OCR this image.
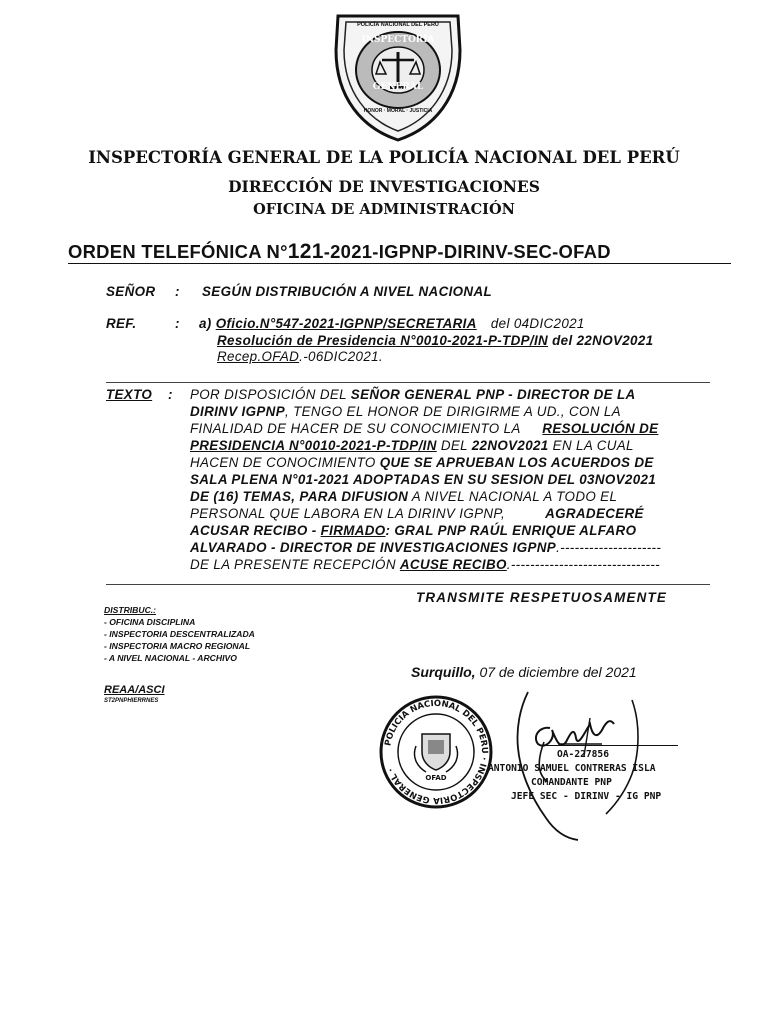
POLICÍA NACIONAL DEL PERÚ
INSPECTORÍA
GENERAL
HONOR · MORAL · JUSTICIA
INSPECTORÍA GENERAL DE LA POLICÍA NACIONAL DEL PERÚ
DIRECCIÓN DE INVESTIGACIONES
OFICINA DE ADMINISTRACIÓN
ORDEN TELEFÓNICA N°121-2021-IGPNP-DIRINV-SEC-OFAD
SEÑOR : SEGÚN DISTRIBUCIÓN A NIVEL NACIONAL
REF.	: a) Oficio.N°547-2021-IGPNP/SECRETARIA del 04DIC2021
Resolución de Presidencia N°0010-2021-P-TDP/IN del 22NOV2021
Recep.OFAD.-06DIC2021.
TEXTO : POR DISPOSICIÓN DEL SEÑOR GENERAL PNP - DIRECTOR DE LA
DIRINV IGPNP, TENGO EL HONOR DE DIRIGIRME A UD., CON LA
FINALIDAD DE HACER DE SU CONOCIMIENTO LA RESOLUCIÓN DE
PRESIDENCIA N°0010-2021-P-TDP/IN DEL 22NOV2021 EN LA CUAL
HACEN DE CONOCIMIENTO QUE SE APRUEBAN LOS ACUERDOS DE
SALA PLENA N°01-2021 ADOPTADAS EN SU SESION DEL 03NOV2021
DE (16) TEMAS, PARA DIFUSION A NIVEL NACIONAL A TODO EL
PERSONAL QUE LABORA EN LA DIRINV IGPNP,	AGRADECERÉ
ACUSAR RECIBO - FIRMADO: GRAL PNP RAÚL ENRIQUE ALFARO
ALVARADO - DIRECTOR DE INVESTIGACIONES IGPNP.---------------------
DE LA PRESENTE RECEPCIÓN ACUSE RECIBO.-------------------------------
TRANSMITE RESPETUOSAMENTE
DISTRIBUC.:
- OFICINA DISCIPLINA
- INSPECTORIA DESCENTRALIZADA
- INSPECTORIA MACRO REGIONAL
- A NIVEL NACIONAL - ARCHIVO
REAA/ASCI
ST2PNPHIERRNES
Surquillo, 07 de diciembre del 2021
POLICIA NACIONAL DEL PERU · INSPECTORIA GENERAL ·
OFAD
OA-227856
ANTONIO SAMUEL CONTRERAS ISLA
COMANDANTE PNP
JEFE SEC - DIRINV - IG PNP
